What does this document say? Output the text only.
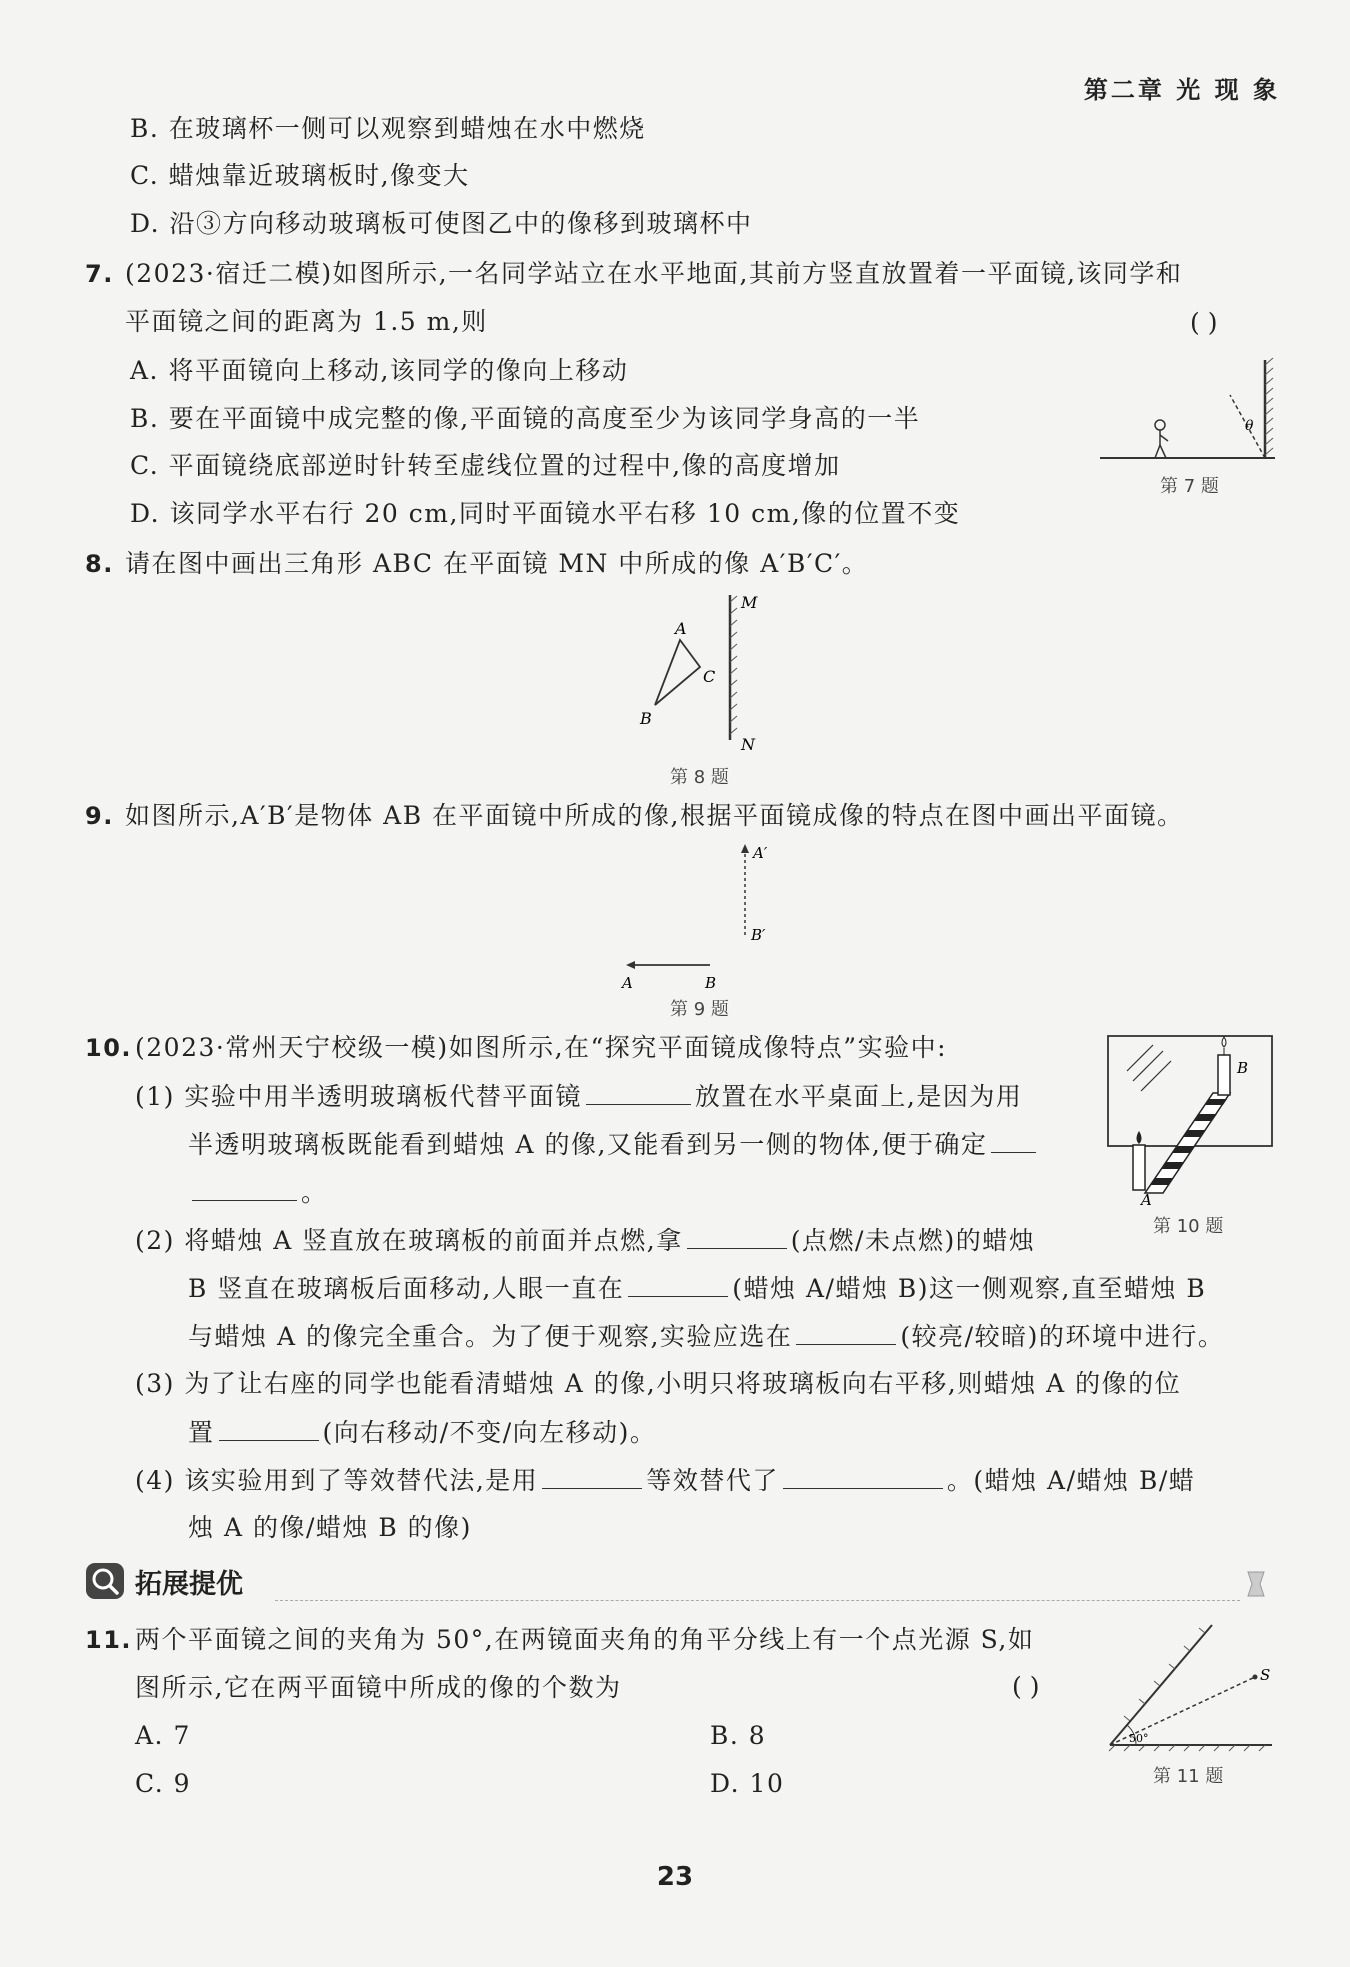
第二章 光 现 象
B. 在玻璃杯一侧可以观察到蜡烛在水中燃烧
C. 蜡烛靠近玻璃板时,像变大
D. 沿③方向移动玻璃板可使图乙中的像移到玻璃杯中
7. (2023·宿迁二模)如图所示,一名同学站立在水平地面,其前方竖直放置着一平面镜,该同学和
平面镜之间的距离为 1.5 m,则	( )
A. 将平面镜向上移动,该同学的像向上移动
B. 要在平面镜中成完整的像,平面镜的高度至少为该同学身高的一半
C. 平面镜绕底部逆时针转至虚线位置的过程中,像的高度增加
D. 该同学水平右行 20 cm,同时平面镜水平右移 10 cm,像的位置不变
θ
第 7 题
8. 请在图中画出三角形 ABC 在平面镜 MN 中所成的像 A′B′C′。
A
B
C
M
N
第 8 题
9. 如图所示,A′B′是物体 AB 在平面镜中所成的像,根据平面镜成像的特点在图中画出平面镜。
A′
B′
A	B
第 9 题
10. (2023·常州天宁校级一模)如图所示,在“探究平面镜成像特点”实验中:
(1) 实验中用半透明玻璃板代替平面镜	放置在水平桌面上,是因为用
半透明玻璃板既能看到蜡烛 A 的像,又能看到另一侧的物体,便于确定
。
(2) 将蜡烛 A 竖直放在玻璃板的前面并点燃,拿	(点燃/未点燃)的蜡烛
B 竖直在玻璃板后面移动,人眼一直在	(蜡烛 A/蜡烛 B)这一侧观察,直至蜡烛 B
与蜡烛 A 的像完全重合。为了便于观察,实验应选在	(较亮/较暗)的环境中进行。
(3) 为了让右座的同学也能看清蜡烛 A 的像,小明只将玻璃板向右平移,则蜡烛 A 的像的位
置	(向右移动/不变/向左移动)。
(4) 该实验用到了等效替代法,是用	等效替代了	。(蜡烛 A/蜡烛 B/蜡
烛 A 的像/蜡烛 B 的像)
B
A
第 10 题
拓展提优
11. 两个平面镜之间的夹角为 50°,在两镜面夹角的角平分线上有一个点光源 S,如
图所示,它在两平面镜中所成的像的个数为	( )
A. 7	B. 8
C. 9	D. 10
S
50°
第 11 题
23
